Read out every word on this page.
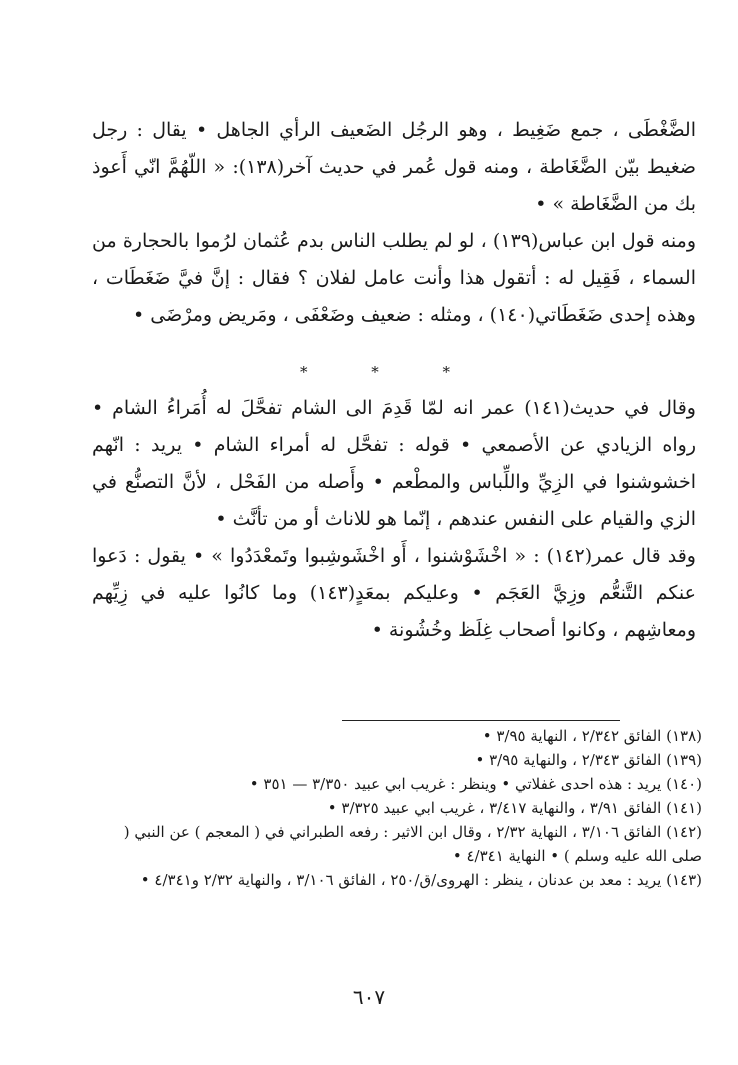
الضَّغْطَى ، جمع ضَغِيط ، وهو الرجُل الضَعيف الرأي الجاهل • يقال : رجل ضغيط بيّن الضَّغَاطة ، ومنه قول عُمر في حديث آخر(١٣٨): « اللّهُمَّ انّي أَعوذ بك من الضَّغَاطة » •

ومنه قول ابن عباس(١٣٩) ، لو لم يطلب الناس بدم عُثمان لرُموا بالحجارة من السماء ، فَقِيل له : أتقول هذا وأنت عامل لفلان ؟ فقال : إنَّ فيَّ ضَغَطَات ، وهذه إحدى ضَغَطَاتي(١٤٠) ، ومثله : ضعيف وضَعْفَى ، ومَريض ومرْضَى •

*	*	*

وقال في حديث(١٤١) عمر انه لمّا قَدِمَ الى الشام تفحَّلَ له أُمَراءُ الشام • رواه الزيادي عن الأصمعي • قوله : تفحَّل له أمراء الشام • يريد : انّهم اخشوشنوا في الزِيِّ واللِّباس والمطْعم • وأَصله من الفَحْل ، لأنَّ التصنُّع في الزي والقيام على النفس عندهم ، إنّما هو للاناث أو من تأنَّث •

وقد قال عمر(١٤٢) : « اخْشَوْشنوا ، أَو اخْشَوشِبوا وتَمعْدَدُوا » • يقول : دَعوا عنكم التَّنعُّم وزِيَّ العَجَم • وعليكم بمعَدٍ(١٤٣) وما كانُوا عليه في زِيِّهم ومعاشِهم ، وكانوا أصحاب غِلَظ وخُشُونة •

(١٣٨) الفائق ٢/٣٤٢ ، النهاية ٣/٩٥ •
(١٣٩) الفائق ٢/٣٤٣ ، والنهاية ٣/٩٥ •
(١٤٠) يريد : هذه احدى غفلاتي • وينظر : غريب ابي عبيد ٣/٣٥٠ — ٣٥١ •
(١٤١) الفائق ٣/٩١ ، والنهاية ٣/٤١٧ ، غريب ابي عبيد ٣/٣٢٥ •
(١٤٢) الفائق ٣/١٠٦ ، النهاية ٢/٣٢ ، وقال ابن الاثير : رفعه الطبراني في ( المعجم ) عن النبي ( صلى الله عليه وسلم ) • النهاية ٤/٣٤١ •
(١٤٣) يريد : معد بن عدنان ، ينظر : الهروى/ق/٢٥٠ ، الفائق ٣/١٠٦ ، والنهاية ٢/٣٢ و٤/٣٤١ •
٦٠٧
